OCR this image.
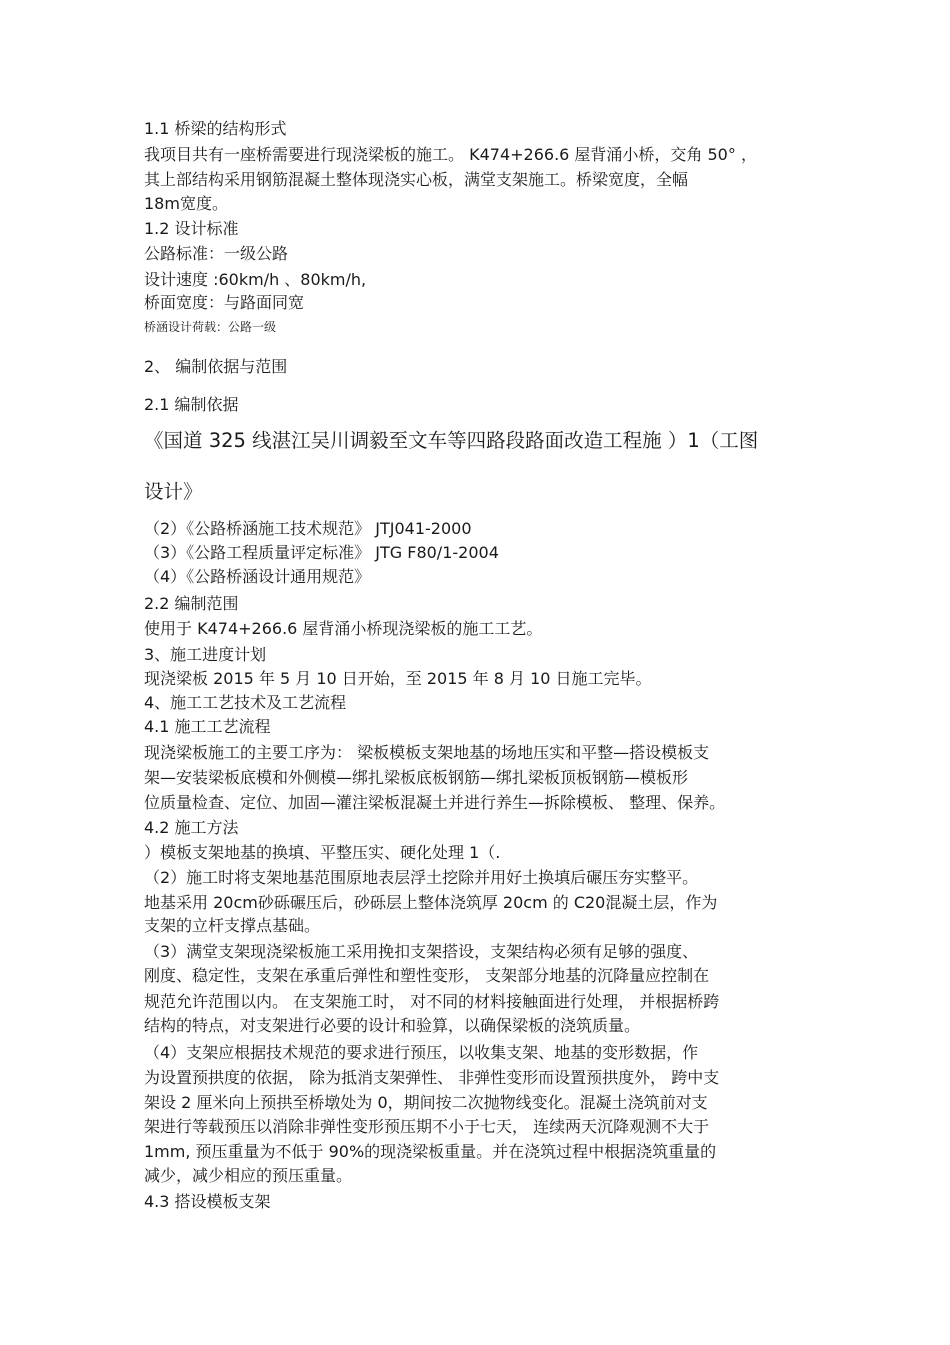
1.1 桥梁的结构形式

我项目共有一座桥需要进行现浇梁板的施工。 K474+266.6 屋背涌小桥，交角 50° ，

其上部结构采用钢筋混凝土整体现浇实心板，满堂支架施工。桥梁宽度，全幅

18m宽度。

1.2 设计标准

公路标准：一级公路

设计速度 :60km/h 、80km/h,

桥面宽度：与路面同宽

桥涵设计荷载：公路一级

2、 编制依据与范围

2.1 编制依据

《国道 325 线湛江吴川调毅至文车等四路段路面改造工程施 ）1（工图

设计》

（2）《公路桥涵施工技术规范》 JTJ041-2000

（3）《公路工程质量评定标准》 JTG F80/1-2004

（4）《公路桥涵设计通用规范》

2.2 编制范围

使用于 K474+266.6 屋背涌小桥现浇梁板的施工工艺。

3、施工进度计划

现浇梁板 2015 年 5 月 10 日开始，至 2015 年 8 月 10 日施工完毕。

4、施工工艺技术及工艺流程

4.1 施工工艺流程

现浇梁板施工的主要工序为： 梁板模板支架地基的场地压实和平整—搭设模板支

架—安装梁板底模和外侧模—绑扎梁板底板钢筋—绑扎梁板顶板钢筋—模板形

位质量检查、定位、加固—灌注梁板混凝土并进行养生—拆除模板、 整理、保养。

4.2 施工方法

）模板支架地基的换填、平整压实、硬化处理 1（.

（2）施工时将支架地基范围原地表层浮土挖除并用好土换填后碾压夯实整平。

地基采用 20cm砂砾碾压后，砂砾层上整体浇筑厚 20cm 的 C20混凝土层，作为

支架的立杆支撑点基础。

（3）满堂支架现浇梁板施工采用挽扣支架搭设，支架结构必须有足够的强度、

刚度、稳定性，支架在承重后弹性和塑性变形， 支架部分地基的沉降量应控制在

规范允许范围以内。 在支架施工时， 对不同的材料接触面进行处理， 并根据桥跨

结构的特点，对支架进行必要的设计和验算，以确保梁板的浇筑质量。

（4）支架应根据技术规范的要求进行预压，以收集支架、地基的变形数据，作

为设置预拱度的依据， 除为抵消支架弹性、 非弹性变形而设置预拱度外， 跨中支

架设 2 厘米向上预拱至桥墩处为 0，期间按二次抛物线变化。混凝土浇筑前对支

架进行等载预压以消除非弹性变形预压期不小于七天， 连续两天沉降观测不大于

1mm, 预压重量为不低于 90%的现浇梁板重量。并在浇筑过程中根据浇筑重量的

减少，减少相应的预压重量。

4.3 搭设模板支架
